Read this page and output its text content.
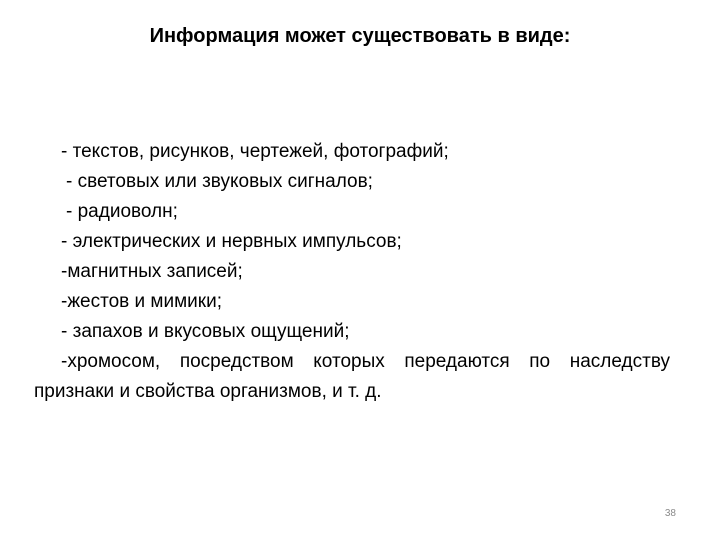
Информация может существовать в виде:

- текстов, рисунков, чертежей, фотографий;

- световых или звуковых сигналов;

- радиоволн;

- электрических и нервных импульсов;

-магнитных записей;

-жестов и мимики;

- запахов и вкусовых ощущений;

-хромосом, посредством которых передаются по наследству признаки и свойства организмов, и т. д.

38
